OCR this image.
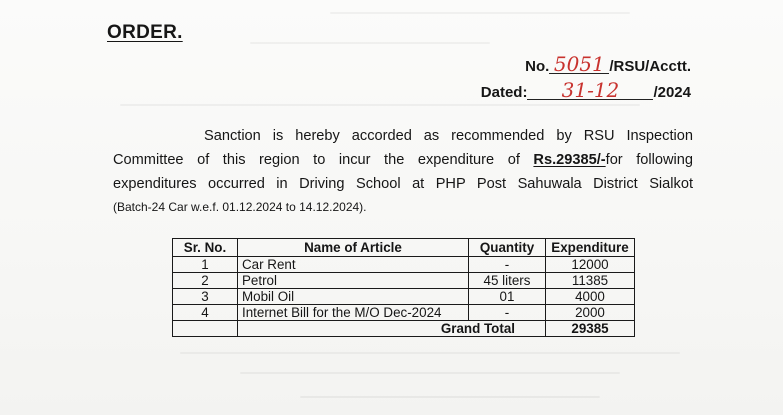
ORDER.
No. 5051 /RSU/Acctt.
Dated: 31-12 /2024
Sanction is hereby accorded as recommended by RSU Inspection
Committee of this region to incur the expenditure of Rs.29385/-for following
expenditures occurred in Driving School at PHP Post Sahuwala District Sialkot
(Batch-24 Car w.e.f. 01.12.2024 to 14.12.2024).
Sr. No.	Name of Article	Quantity	Expenditure
1	Car Rent	-	12000
2	Petrol	45 liters	11385
3	Mobil Oil	01	4000
4	Internet Bill for the M/O Dec-2024	-	2000
	Grand Total		29385
